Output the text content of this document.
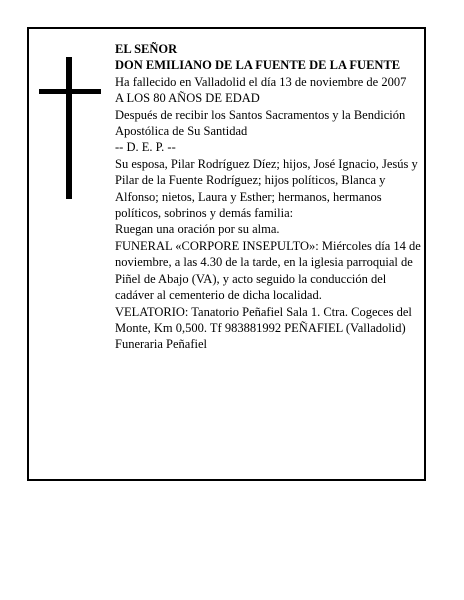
EL SEÑOR
DON EMILIANO DE LA FUENTE DE LA FUENTE
Ha fallecido en Valladolid el día 13 de noviembre de 2007
A LOS 80 AÑOS DE EDAD
Después de recibir los Santos Sacramentos y la Bendición Apostólica de Su Santidad
-- D. E. P. --
Su esposa, Pilar Rodríguez Díez; hijos, José Ignacio, Jesús y Pilar de la Fuente Rodríguez; hijos políticos, Blanca y Alfonso; nietos, Laura y Esther; hermanos, hermanos políticos, sobrinos y demás familia:
Ruegan una oración por su alma.
FUNERAL «CORPORE INSEPULTO»: Miércoles día 14 de noviembre, a las 4.30 de la tarde, en la iglesia parroquial de Piñel de Abajo (VA), y acto seguido la conducción del cadáver al cementerio de dicha localidad.
VELATORIO: Tanatorio Peñafiel Sala 1. Ctra. Cogeces del Monte, Km 0,500. Tf 983881992 PEÑAFIEL (Valladolid)
Funeraria Peñafiel
